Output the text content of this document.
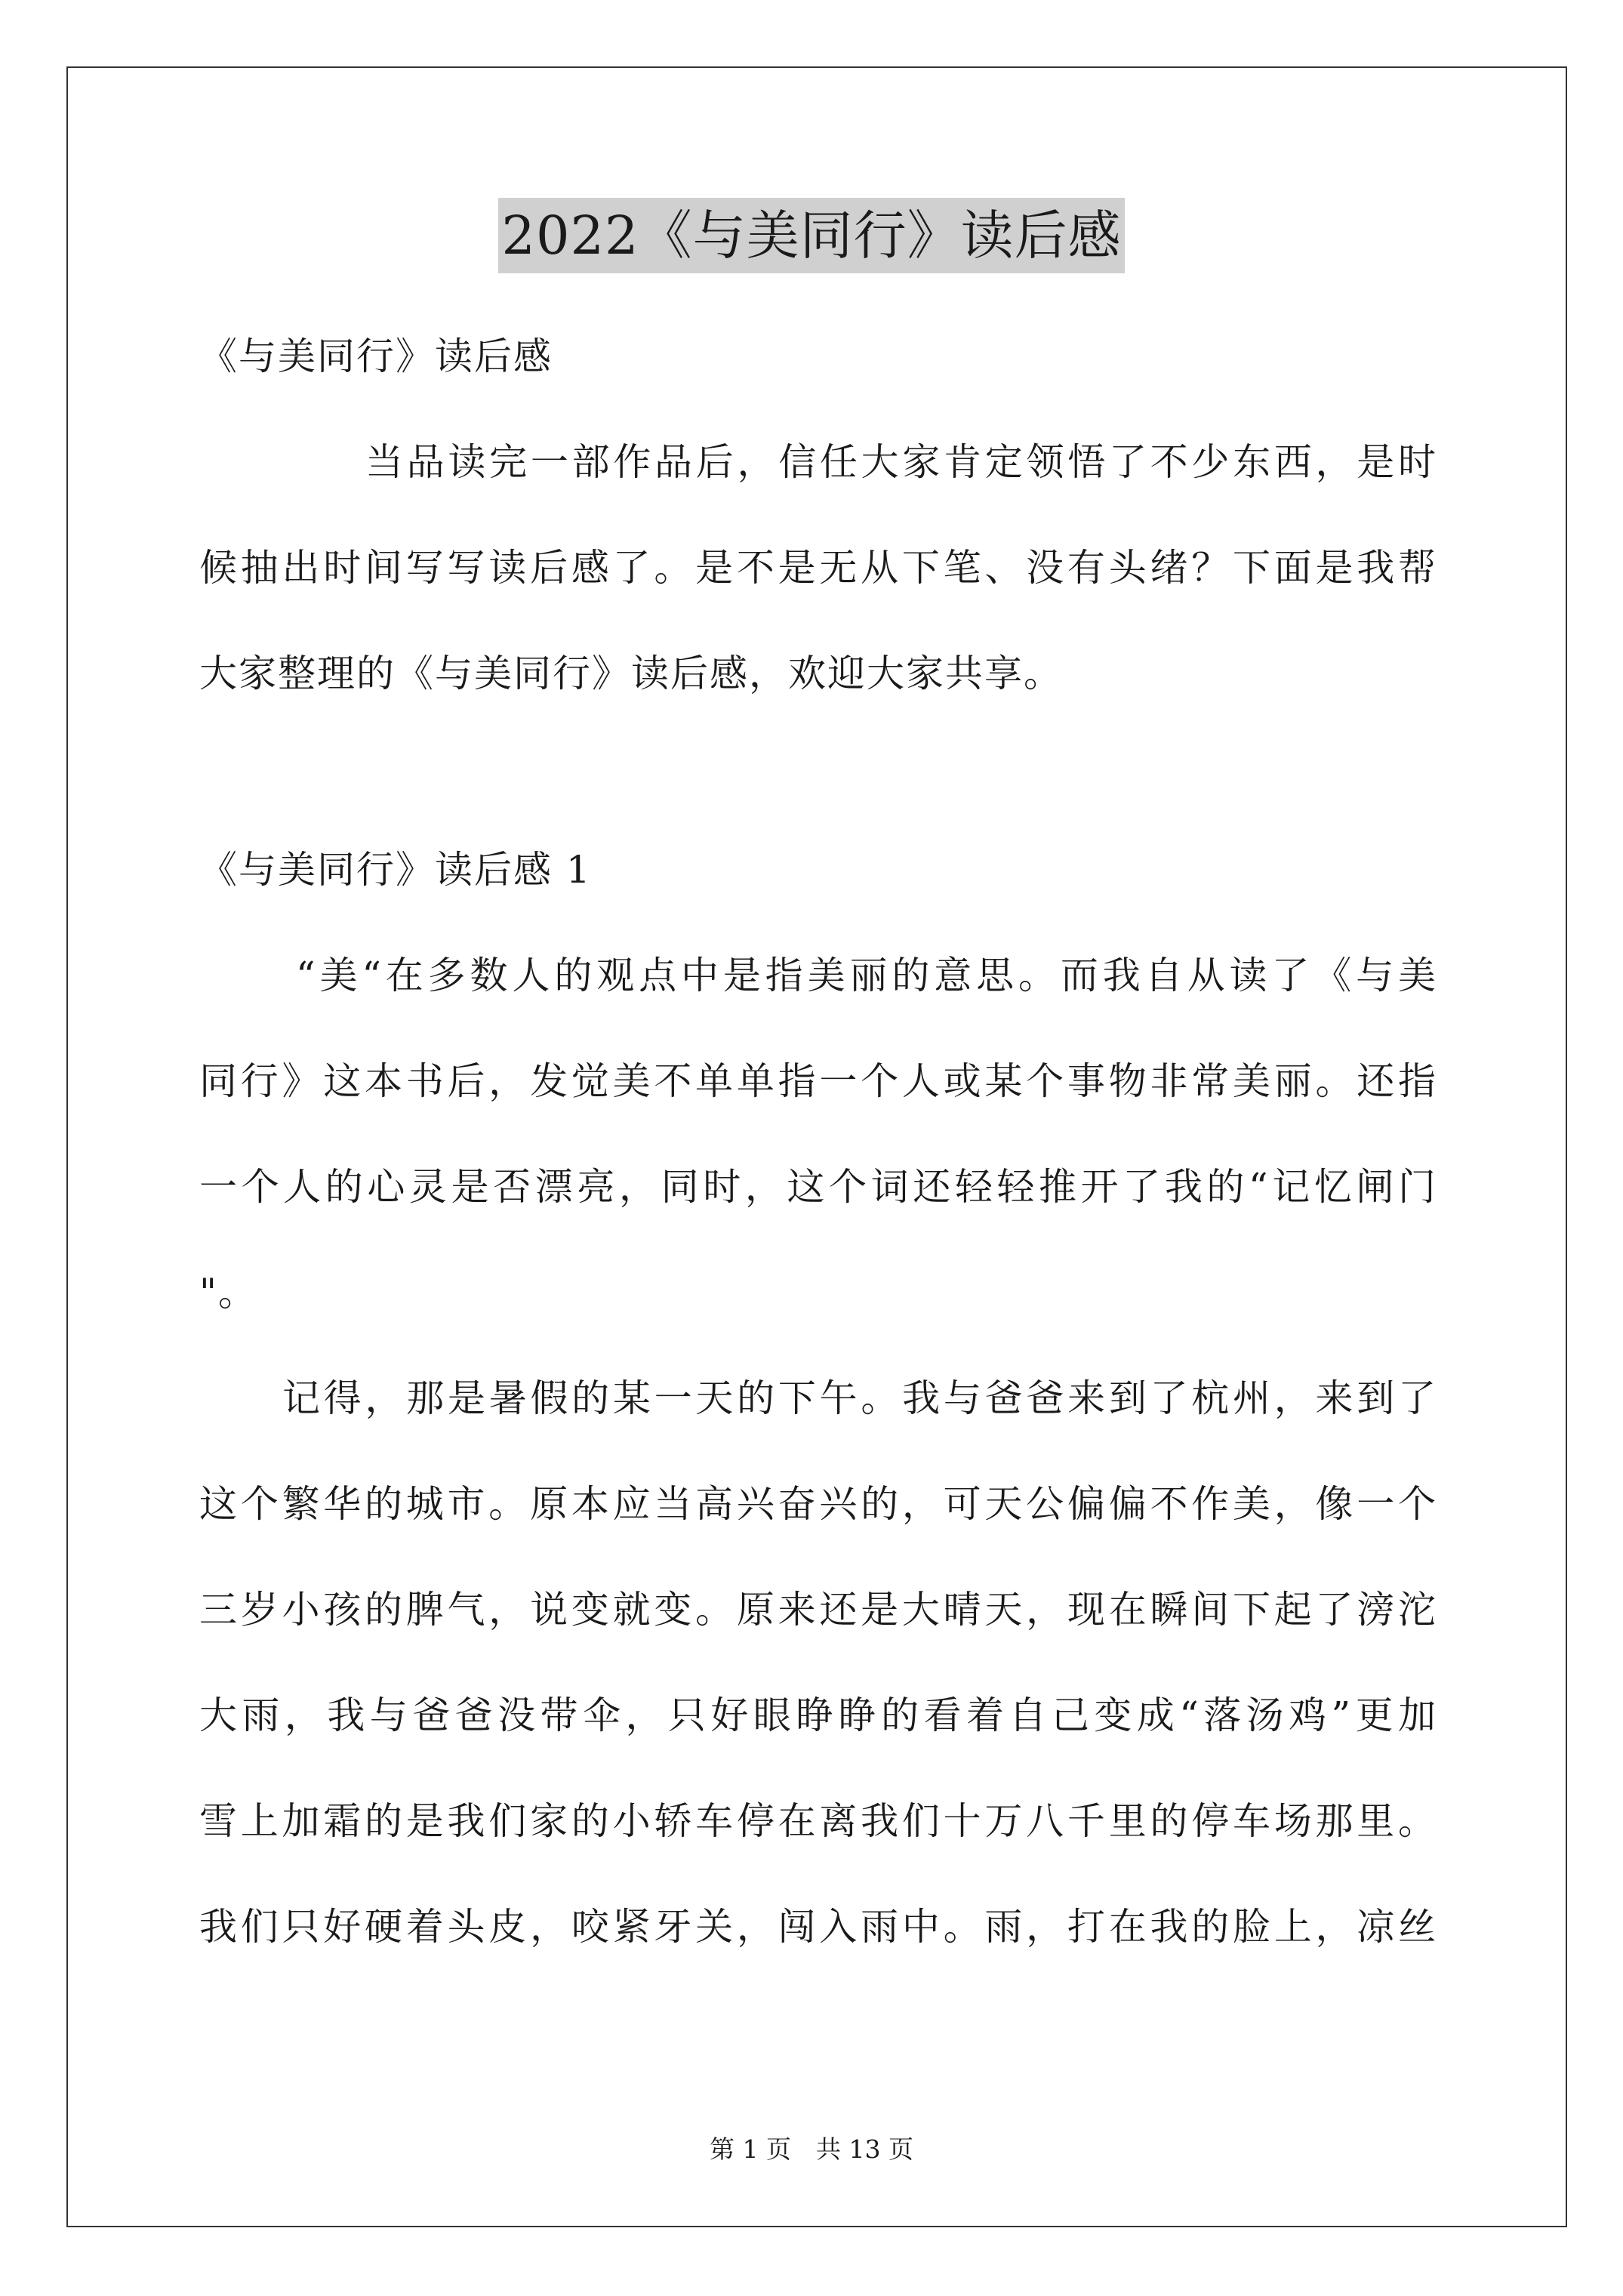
2022《与美同行》读后感
《与美同行》读后感
当品读完一部作品后，信任大家肯定领悟了不少东西，是时
候抽出时间写写读后感了。是不是无从下笔、没有头绪？下面是我帮
大家整理的《与美同行》读后感，欢迎大家共享。
《与美同行》读后感 1
“美“在多数人的观点中是指美丽的意思。而我自从读了《与美
同行》这本书后，发觉美不单单指一个人或某个事物非常美丽。还指
一个人的心灵是否漂亮，同时，这个词还轻轻推开了我的“记忆闸门
"。
记得，那是暑假的某一天的下午。我与爸爸来到了杭州，来到了
这个繁华的城市。原本应当高兴奋兴的，可天公偏偏不作美，像一个
三岁小孩的脾气，说变就变。原来还是大晴天，现在瞬间下起了滂沱
大雨，我与爸爸没带伞，只好眼睁睁的看着自己变成“落汤鸡”更加
雪上加霜的是我们家的小轿车停在离我们十万八千里的停车场那里。
我们只好硬着头皮，咬紧牙关，闯入雨中。雨，打在我的脸上，凉丝
第 1 页　共 13 页
